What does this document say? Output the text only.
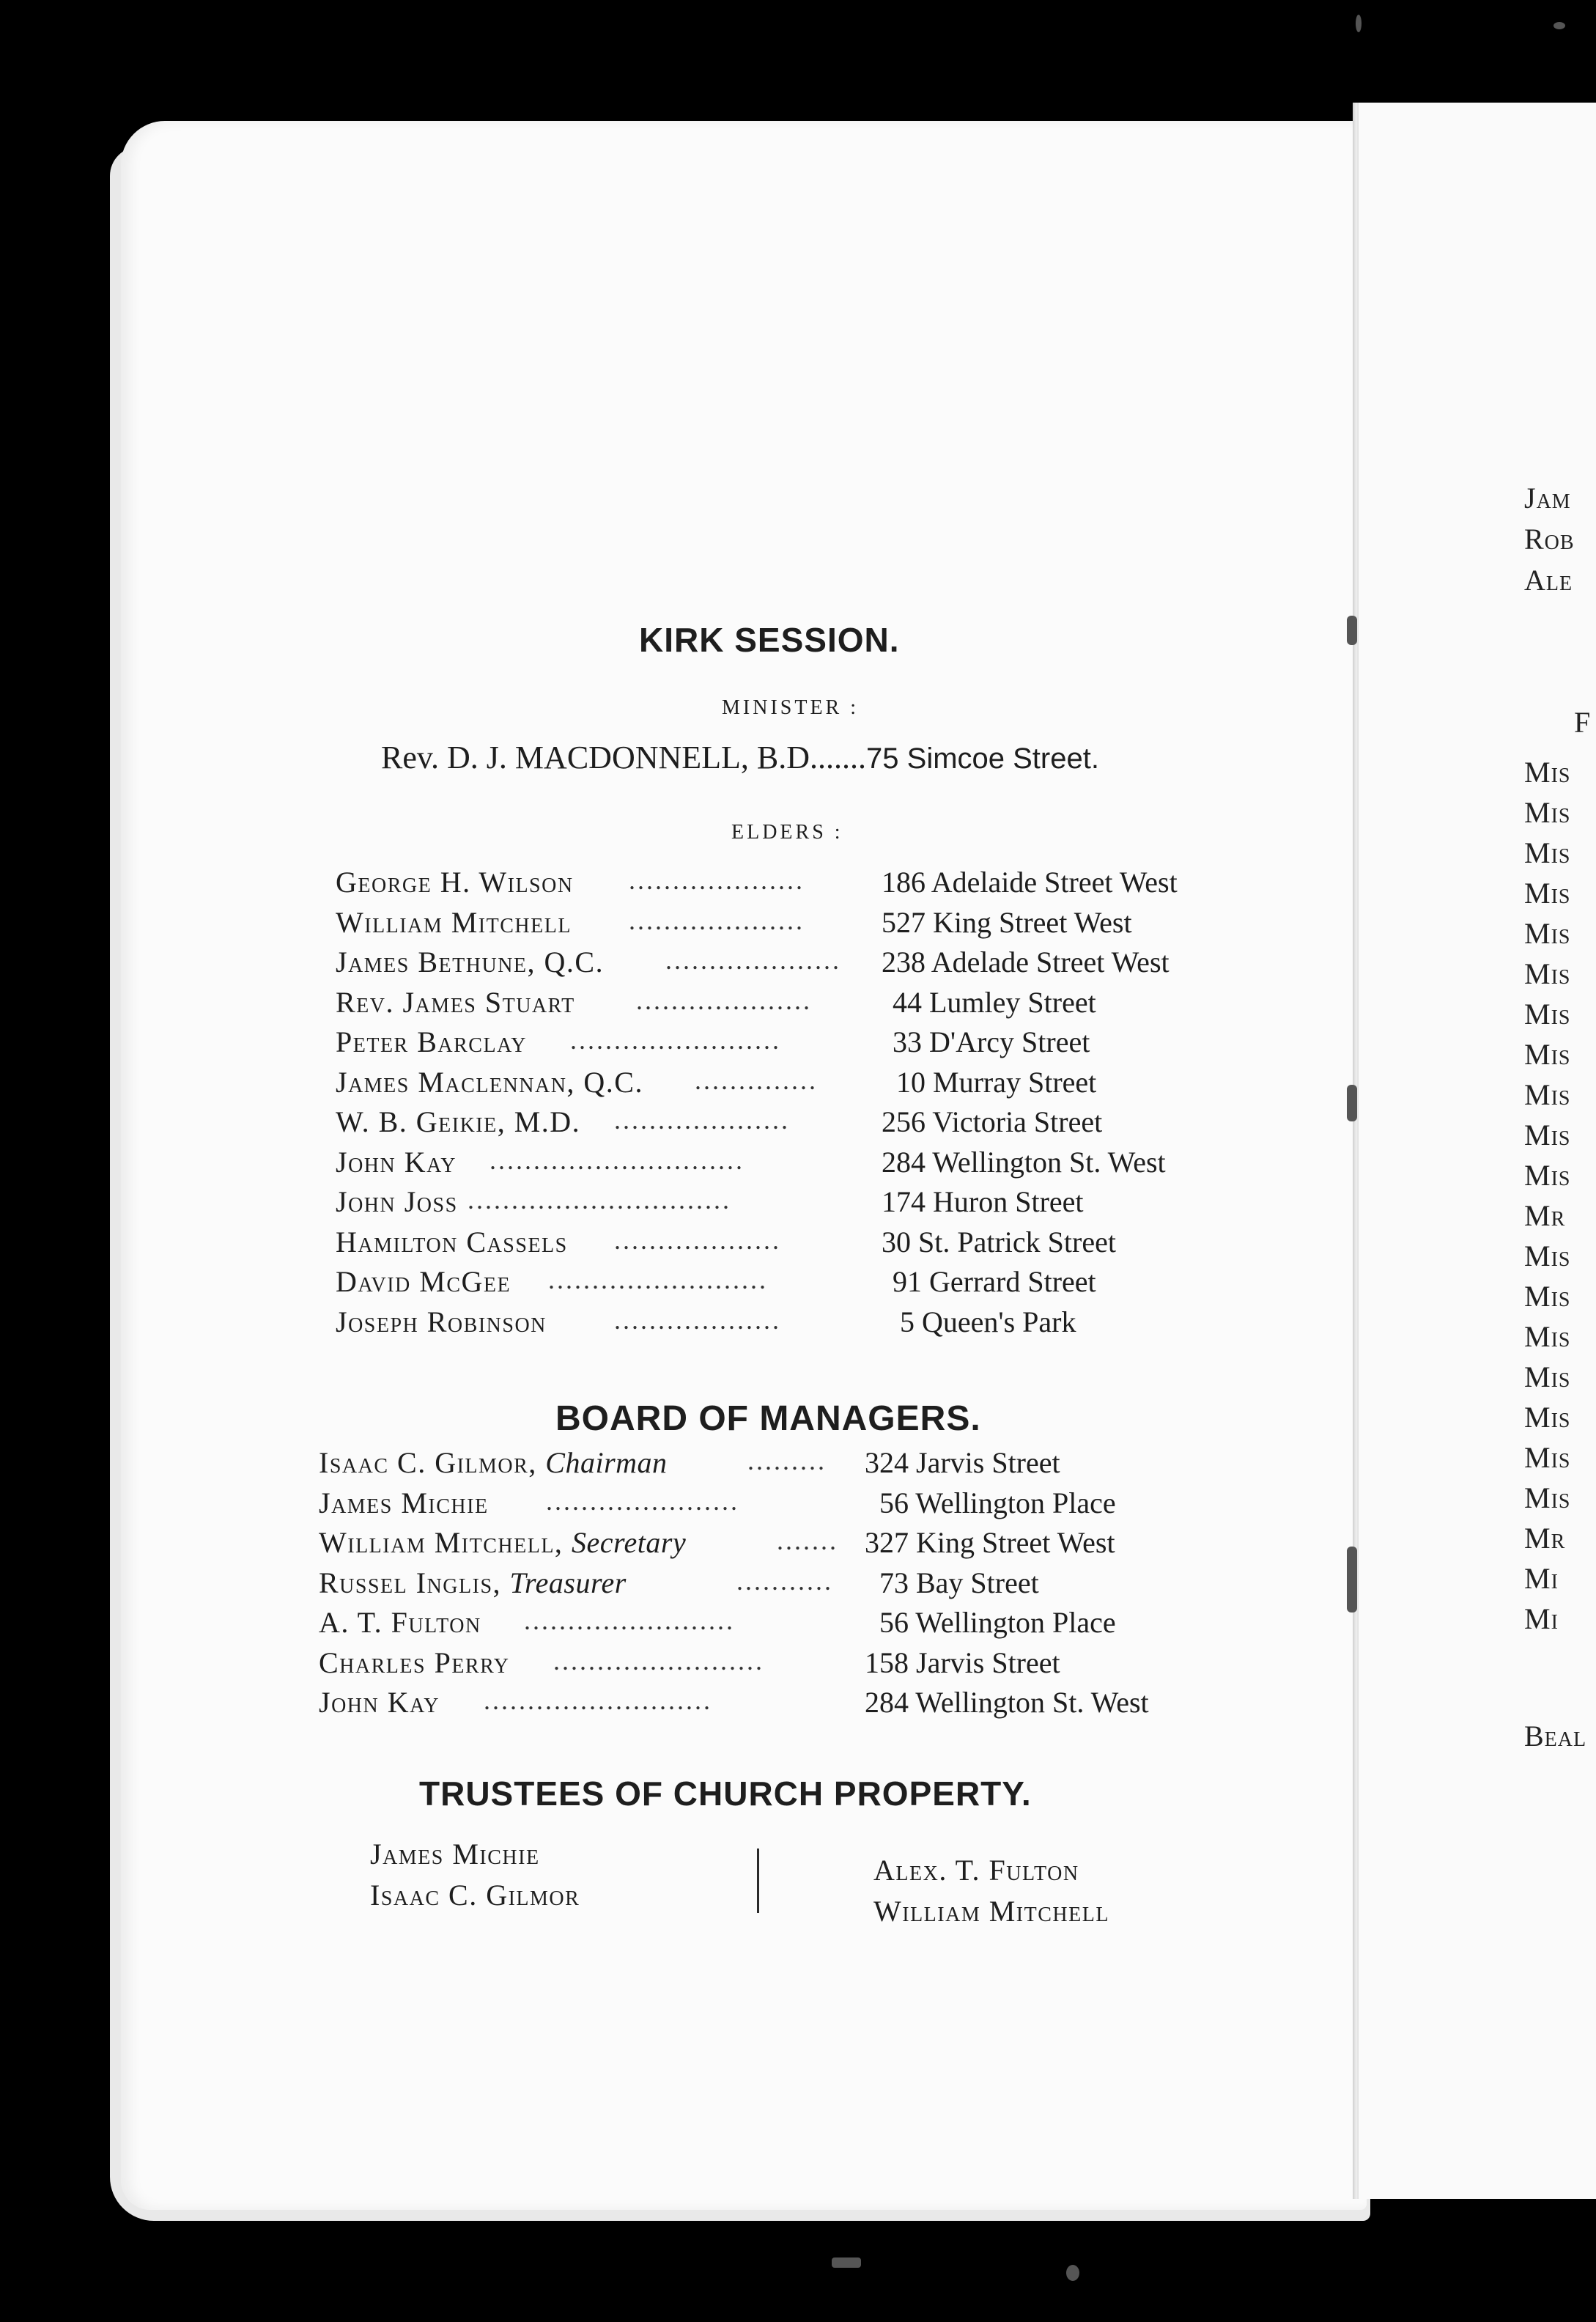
KIRK SESSION.
MINISTER :
Rev. D. J. MACDONNELL, B.D.......75 Simcoe Street.
ELDERS :
George H. Wilson ....................	186 Adelaide Street West
William Mitchell ....................	527 King Street West
James Bethune, Q.C. ....................	238 Adelade Street West
Rev. James Stuart ....................	44 Lumley Street
Peter Barclay ........................	33 D'Arcy Street
James Maclennan, Q.C. ..............	10 Murray Street
W. B. Geikie, M.D. ....................	256 Victoria Street
John Kay .............................	284 Wellington St. West
John Joss ..............................	174 Huron Street
Hamilton Cassels ...................	30 St. Patrick Street
David McGee .........................	91 Gerrard Street
Joseph Robinson	...................	5 Queen's Park
BOARD OF MANAGERS.
Isaac C. Gilmor, Chairman	.........	324 Jarvis Street
James Michie ......................	56 Wellington Place
William Mitchell, Secretary	....... 327 King Street West
Russel Inglis, Treasurer	...........	73 Bay Street
A. T. Fulton ........................	56 Wellington Place
Charles Perry ........................	158 Jarvis Street
John Kay ..........................	284 Wellington St. West
TRUSTEES OF CHURCH PROPERTY.
James Michie
Isaac C. Gilmor
Alex. T. Fulton
William Mitchell
Jam
Rob
Ale
F
Mis
Mis
Mis
Mis
Mis
Mis
Mis
Mis
Mis
Mis
Mis
Mr
Mis
Mis
Mis
Mis
Mis
Mis
Mis
Mr
Mi
Mi
Beal
